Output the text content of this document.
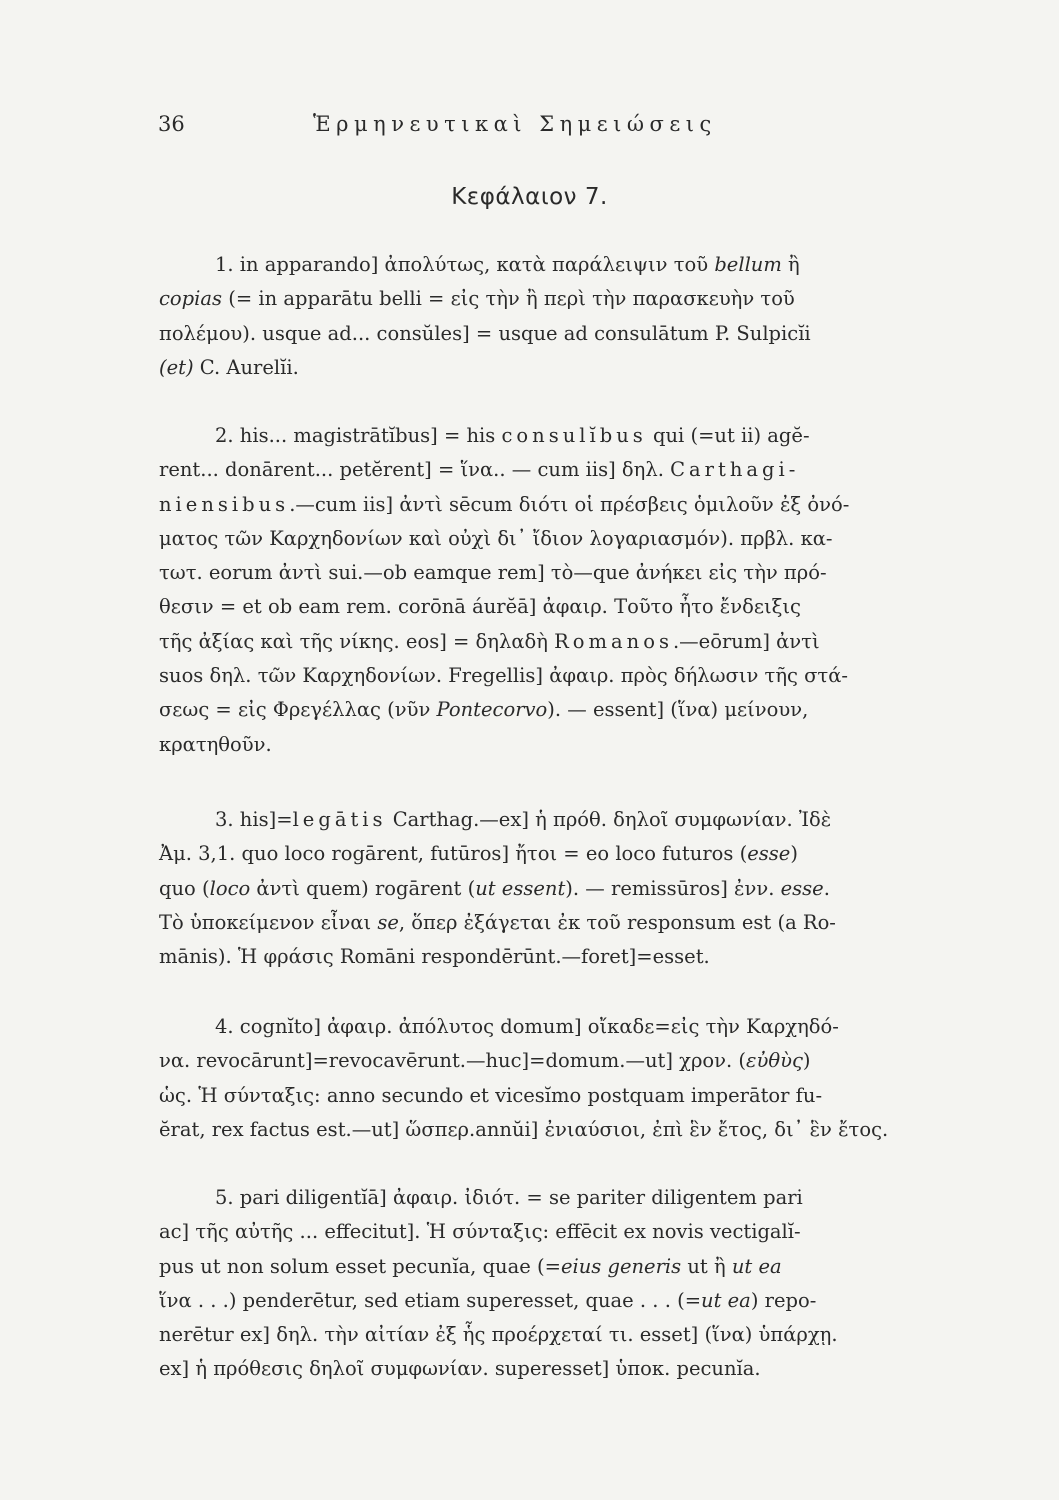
36	Ἑρμηνευτικαὶ Σημειώσεις
Κεφάλαιον 7.
1. in apparando] ἀπολύτως, κατὰ παράλειψιν τοῦ bellum ἢ
copias (= in apparātu belli = εἰς τὴν ἢ περὶ τὴν παρασκευὴν τοῦ
πολέμου). usque ad... consŭles] = usque ad consulātum P. Sulpicĭi
(et) C. Aurelĭi.
2. his... magistrātĭbus] = his consulĭbus qui (=ut ii) agĕ-
rent... donārent... petĕrent] = ἵνα.. — cum iis] δηλ. Carthagi-
niensibus.—cum iis] ἀντὶ sēcum διότι οἱ πρέσβεις ὁμιλοῦν ἐξ ὀνό-
ματος τῶν Καρχηδονίων καὶ οὐχὶ δι᾽ ἴδιον λογαριασμόν). πρβλ. κα-
τωτ. eorum ἀντὶ sui.—ob eamque rem] τὸ—que ἀνήκει εἰς τὴν πρό-
θεσιν = et ob eam rem. corōnā áurĕā] ἀφαιρ. Τοῦτο ἦτο ἔνδειξις
τῆς ἀξίας καὶ τῆς νίκης. eos] = δηλαδὴ Romanos.—eōrum] ἀντὶ
suos δηλ. τῶν Καρχηδονίων. Fregellis] ἀφαιρ. πρὸς δήλωσιν τῆς στά-
σεως = εἰς Φρεγέλλας (νῦν Pontecorvo). — essent] (ἵνα) μείνουν,
κρατηθοῦν.
3. his]=legātis Carthag.—ex] ἡ πρόθ. δηλοῖ συμφωνίαν. Ἰδὲ
Ἀμ. 3,1. quo loco rogārent, futūros] ἤτοι = eo loco futuros (esse)
quo (loco ἀντὶ quem) rogārent (ut essent). — remissūros] ἐνν. esse.
Τὸ ὑποκείμενον εἶναι se, ὅπερ ἐξάγεται ἐκ τοῦ responsum est (a Ro-
mānis). Ἡ φράσις Romāni respondērūnt.—foret]=esset.
4. cognĭto] ἀφαιρ. ἀπόλυτος domum] οἴκαδε=εἰς τὴν Καρχηδό-
να. revocārunt]=revocavērunt.—huc]=domum.—ut] χρον. (εὐθὺς)
ὡς. Ἡ σύνταξις: anno secundo et vicesĭmo postquam imperātor fu-
ĕrat, rex factus est.—ut] ὥσπερ.annŭi] ἐνιαύσιοι, ἐπὶ ἓν ἔτος, δι᾽ ἓν ἔτος.
5. pari diligentĭā] ἀφαιρ. ἰδιότ. = se pariter diligentem pari
ac] τῆς αὐτῆς ... effecitut]. Ἡ σύνταξις: effēcit ex novis vectigalĭ-
pus ut non solum esset pecunĭa, quae (=eius generis ut ἢ ut ea
ἵνα . . .) penderētur, sed etiam superesset, quae . . . (=ut ea) repo-
nerētur ex] δηλ. τὴν αἰτίαν ἐξ ἧς προέρχεταί τι. esset] (ἵνα) ὑπάρχῃ.
ex] ἡ πρόθεσις δηλοῖ συμφωνίαν. superesset] ὑποκ. pecunĭa.
